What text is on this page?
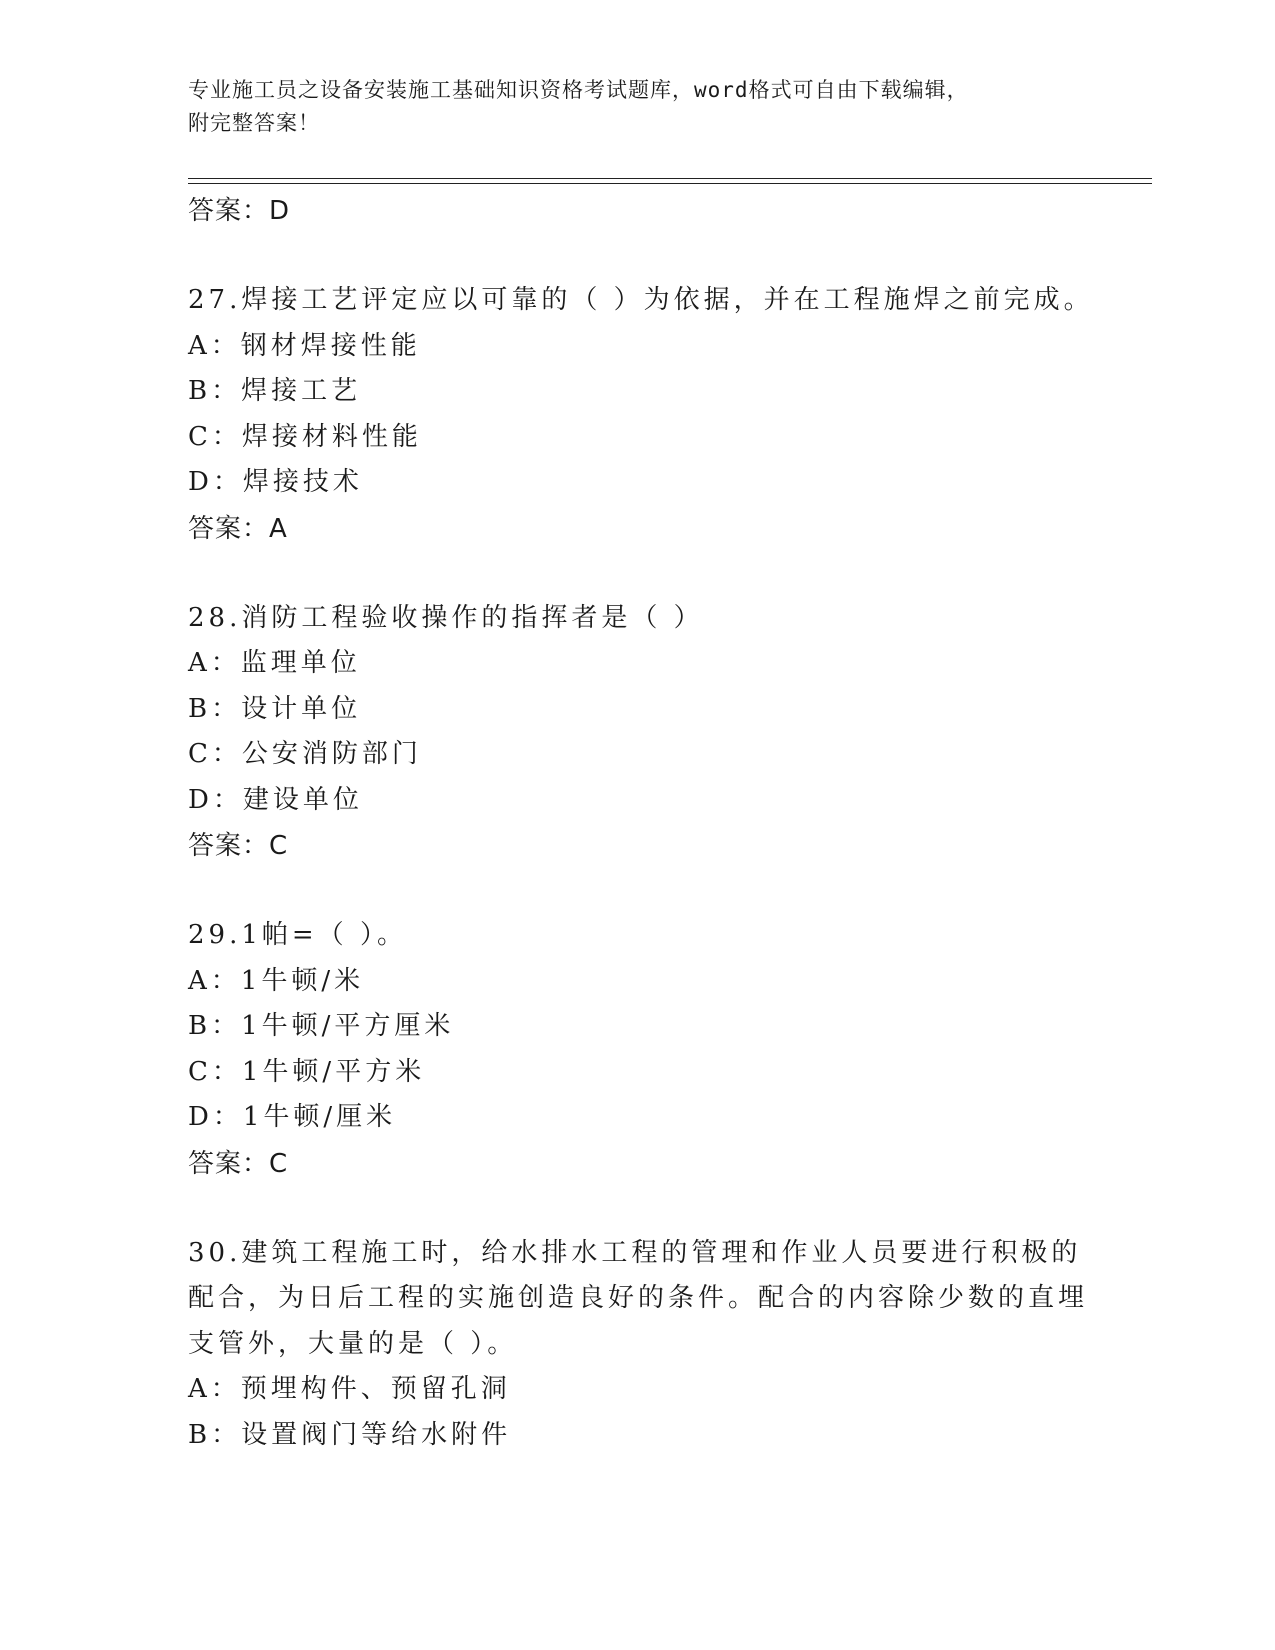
专业施工员之设备安装施工基础知识资格考试题库，word格式可自由下载编辑，
附完整答案！
答案：D
27.焊接工艺评定应以可靠的（ ）为依据，并在工程施焊之前完成。
A：钢材焊接性能
B：焊接工艺
C：焊接材料性能
D：焊接技术
答案：A
28.消防工程验收操作的指挥者是（ ）
A：监理单位
B：设计单位
C：公安消防部门
D：建设单位
答案：C
29.1帕=（ ）。
A：1牛顿/米
B：1牛顿/平方厘米
C：1牛顿/平方米
D：1牛顿/厘米
答案：C
30.建筑工程施工时，给水排水工程的管理和作业人员要进行积极的配合，为日后工程的实施创造良好的条件。配合的内容除少数的直埋支管外，大量的是（ ）。
A：预埋构件、预留孔洞
B：设置阀门等给水附件
